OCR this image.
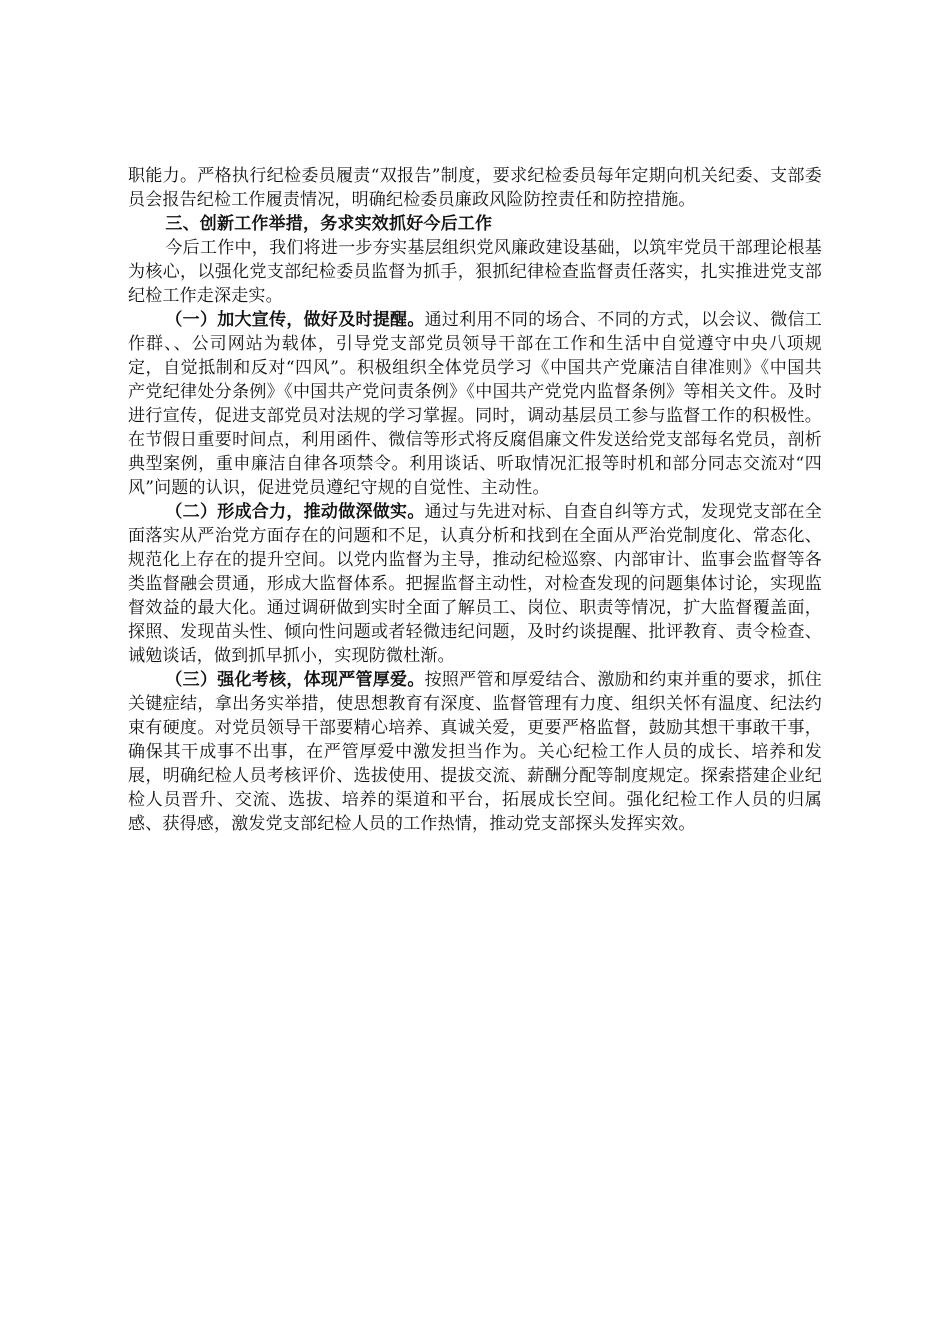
职能力。严格执行纪检委员履责“双报告”制度，要求纪检委员每年定期向机关纪委、支部委员会报告纪检工作履责情况，明确纪检委员廉政风险防控责任和防控措施。

三、创新工作举措，务求实效抓好今后工作

今后工作中，我们将进一步夯实基层组织党风廉政建设基础，以筑牢党员干部理论根基为核心，以强化党支部纪检委员监督为抓手，狠抓纪律检查监督责任落实，扎实推进党支部纪检工作走深走实。

（一）加大宣传，做好及时提醒。通过利用不同的场合、不同的方式，以会议、微信工作群、、公司网站为载体，引导党支部党员领导干部在工作和生活中自觉遵守中央八项规定，自觉抵制和反对“四风”。积极组织全体党员学习《中国共产党廉洁自律准则》《中国共产党纪律处分条例》《中国共产党问责条例》《中国共产党党内监督条例》等相关文件。及时进行宣传，促进支部党员对法规的学习掌握。同时，调动基层员工参与监督工作的积极性。在节假日重要时间点，利用函件、微信等形式将反腐倡廉文件发送给党支部每名党员，剖析典型案例，重申廉洁自律各项禁令。利用谈话、听取情况汇报等时机和部分同志交流对“四风”问题的认识，促进党员遵纪守规的自觉性、主动性。

（二）形成合力，推动做深做实。通过与先进对标、自查自纠等方式，发现党支部在全面落实从严治党方面存在的问题和不足，认真分析和找到在全面从严治党制度化、常态化、规范化上存在的提升空间。以党内监督为主导，推动纪检巡察、内部审计、监事会监督等各类监督融会贯通，形成大监督体系。把握监督主动性，对检查发现的问题集体讨论，实现监督效益的最大化。通过调研做到实时全面了解员工、岗位、职责等情况，扩大监督覆盖面，探照、发现苗头性、倾向性问题或者轻微违纪问题，及时约谈提醒、批评教育、责令检查、诫勉谈话，做到抓早抓小，实现防微杜渐。

（三）强化考核，体现严管厚爱。按照严管和厚爱结合、激励和约束并重的要求，抓住关键症结，拿出务实举措，使思想教育有深度、监督管理有力度、组织关怀有温度、纪法约束有硬度。对党员领导干部要精心培养、真诚关爱，更要严格监督，鼓励其想干事敢干事，确保其干成事不出事，在严管厚爱中激发担当作为。关心纪检工作人员的成长、培养和发展，明确纪检人员考核评价、选拔使用、提拔交流、薪酬分配等制度规定。探索搭建企业纪检人员晋升、交流、选拔、培养的渠道和平台，拓展成长空间。强化纪检工作人员的归属感、获得感，激发党支部纪检人员的工作热情，推动党支部探头发挥实效。
